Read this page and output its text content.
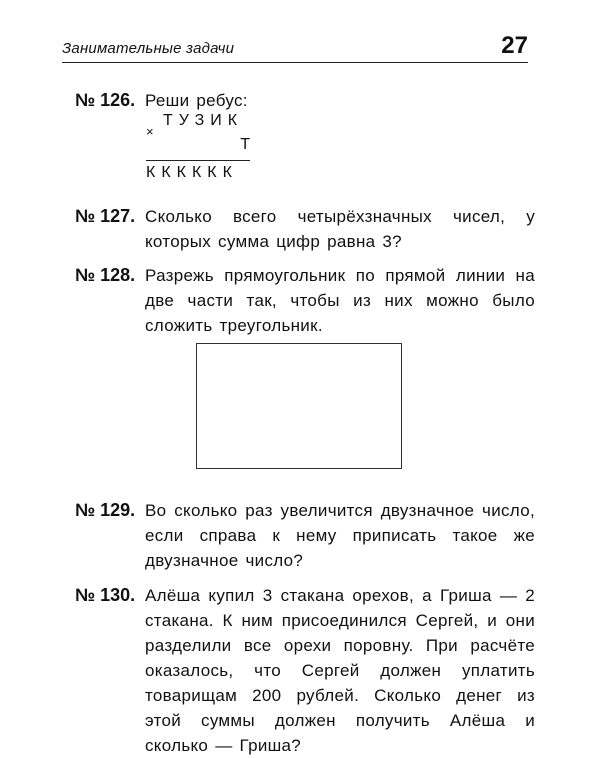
Занимательные задачи	27
№ 126. Реши ребус:
×
ТУЗИК
Т
КККККК
№ 127. Сколько всего четырёхзначных чисел, у которых сумма цифр равна 3?
№ 128. Разрежь прямоугольник по прямой линии на две части так, чтобы из них можно было сложить треугольник.
№ 129. Во сколько раз увеличится двузначное число, если справа к нему приписать такое же двузначное число?
№ 130. Алёша купил 3 стакана орехов, а Гриша — 2 стакана. К ним присоединился Сергей, и они разделили все орехи поровну. При расчёте оказалось, что Сергей должен уплатить товарищам 200 рублей. Сколько денег из этой суммы должен получить Алёша и сколько — Гриша?
